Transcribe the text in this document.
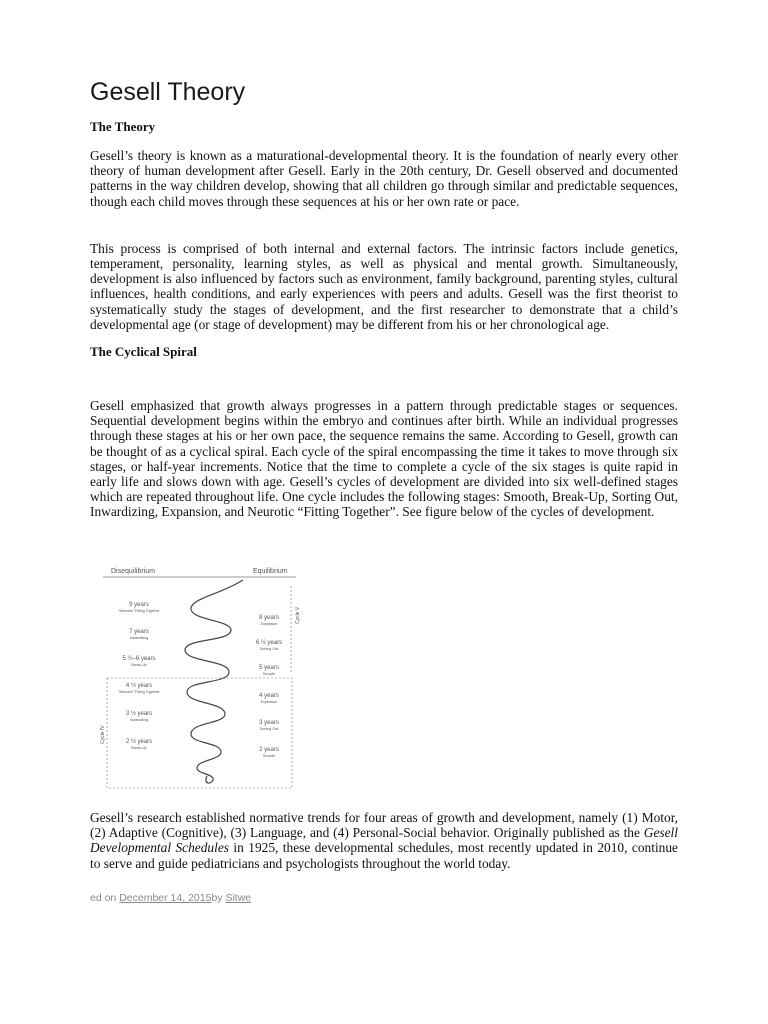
Gesell Theory

The Theory

Gesell’s theory is known as a maturational-developmental theory. It is the foundation of nearly every other theory of human development after Gesell. Early in the 20th century, Dr. Gesell observed and documented patterns in the way children develop, showing that all children go through similar and predictable sequences, though each child moves through these sequences at his or her own rate or pace.

This process is comprised of both internal and external factors. The intrinsic factors include genetics, temperament, personality, learning styles, as well as physical and mental growth. Simultaneously, development is also influenced by factors such as environment, family background, parenting styles, cultural influences, health conditions, and early experiences with peers and adults. Gesell was the first theorist to systematically study the stages of development, and the first researcher to demonstrate that a child’s developmental age (or stage of development) may be different from his or her chronological age.

The Cyclical Spiral

Gesell emphasized that growth always progresses in a pattern through predictable stages or sequences. Sequential development begins within the embryo and continues after birth. While an individual progresses through these stages at his or her own pace, the sequence remains the same. According to Gesell, growth can be thought of as a cyclical spiral. Each cycle of the spiral encompassing the time it takes to move through six stages, or half-year increments. Notice that the time to complete a cycle of the six stages is quite rapid in early life and slows down with age. Gesell’s cycles of development are divided into six well-defined stages which are repeated throughout life. One cycle includes the following stages: Smooth, Break-Up, Sorting Out, Inwardizing, Expansion, and Neurotic “Fitting Together”. See figure below of the cycles of development.

Gesell’s research established normative trends for four areas of growth and development, namely (1) Motor, (2) Adaptive (Cognitive), (3) Language, and (4) Personal-Social behavior. Originally published as the Gesell Developmental Schedules in 1925, these developmental schedules, most recently updated in 2010, continue to serve and guide pediatricians and psychologists throughout the world today.

Disequilibrium	Equilibrium
Cycle V
Cycle IV
9 years
“Neurotic” Fitting Together
7 years
Inwardizing
5 ½–6 years
Break-Up
4 ½ years
“Neurotic” Fitting Together
3 ½ years
Inwardizing
2 ½ years
Break-Up
8 years
Expansion
6 ½ years
Sorting Out
5 years
Smooth
4 years
Expansion
3 years
Sorting Out
2 years
Smooth
ed on December 14, 2015by Sitwe
